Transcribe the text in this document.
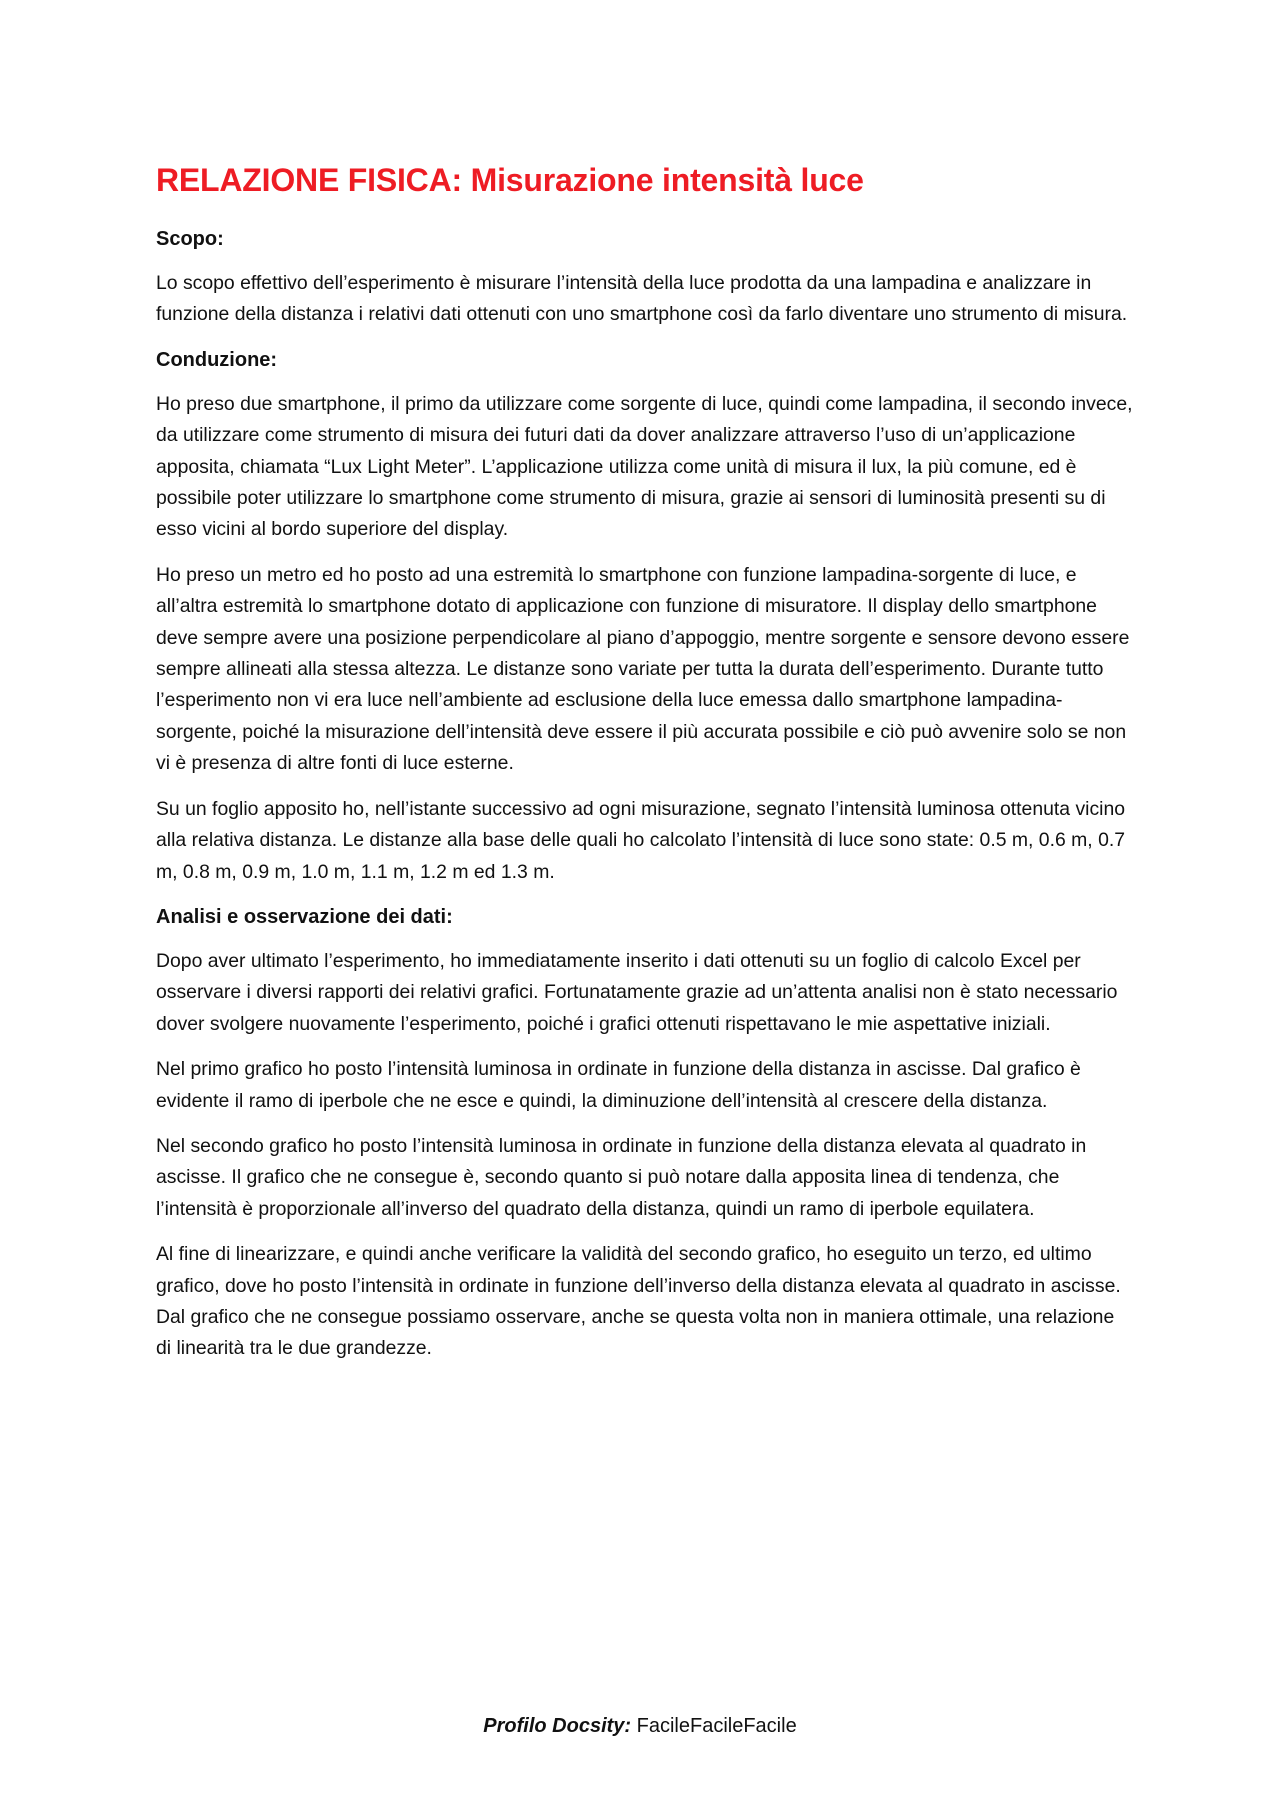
RELAZIONE FISICA: Misurazione intensità luce
Scopo:

Lo scopo effettivo dell’esperimento è misurare l’intensità della luce prodotta da una lampadina e analizzare in funzione della distanza i relativi dati ottenuti con uno smartphone così da farlo diventare uno strumento di misura.

Conduzione:

Ho preso due smartphone, il primo da utilizzare come sorgente di luce, quindi come lampadina, il secondo invece, da utilizzare come strumento di misura dei futuri dati da dover analizzare attraverso l’uso di un’applicazione apposita, chiamata “Lux Light Meter”. L’applicazione utilizza come unità di misura il lux, la più comune, ed è possibile poter utilizzare lo smartphone come strumento di misura, grazie ai sensori di luminosità presenti su di esso vicini al bordo superiore del display.

Ho preso un metro ed ho posto ad una estremità lo smartphone con funzione lampadina-sorgente di luce, e all’altra estremità lo smartphone dotato di applicazione con funzione di misuratore. Il display dello smartphone deve sempre avere una posizione perpendicolare al piano d’appoggio, mentre sorgente e sensore devono essere sempre allineati alla stessa altezza. Le distanze sono variate per tutta la durata dell’esperimento. Durante tutto l’esperimento non vi era luce nell’ambiente ad esclusione della luce emessa dallo smartphone lampadina-sorgente, poiché la misurazione dell’intensità deve essere il più accurata possibile e ciò può avvenire solo se non vi è presenza di altre fonti di luce esterne.

Su un foglio apposito ho, nell’istante successivo ad ogni misurazione, segnato l’intensità luminosa ottenuta vicino alla relativa distanza. Le distanze alla base delle quali ho calcolato l’intensità di luce sono state: 0.5 m, 0.6 m, 0.7 m, 0.8 m, 0.9 m, 1.0 m, 1.1 m, 1.2 m ed 1.3 m.

Analisi e osservazione dei dati:

Dopo aver ultimato l’esperimento, ho immediatamente inserito i dati ottenuti su un foglio di calcolo Excel per osservare i diversi rapporti dei relativi grafici. Fortunatamente grazie ad un’attenta analisi non è stato necessario dover svolgere nuovamente l’esperimento, poiché i grafici ottenuti rispettavano le mie aspettative iniziali.

Nel primo grafico ho posto l’intensità luminosa in ordinate in funzione della distanza in ascisse. Dal grafico è evidente il ramo di iperbole che ne esce e quindi, la diminuzione dell’intensità al crescere della distanza.

Nel secondo grafico ho posto l’intensità luminosa in ordinate in funzione della distanza elevata al quadrato in ascisse. Il grafico che ne consegue è, secondo quanto si può notare dalla apposita linea di tendenza, che l’intensità è proporzionale all’inverso del quadrato della distanza, quindi un ramo di iperbole equilatera.

Al fine di linearizzare, e quindi anche verificare la validità del secondo grafico, ho eseguito un terzo, ed ultimo grafico, dove ho posto l’intensità in ordinate in funzione dell’inverso della distanza elevata al quadrato in ascisse. Dal grafico che ne consegue possiamo osservare, anche se questa volta non in maniera ottimale, una relazione di linearità tra le due grandezze.

Profilo Docsity: FacileFacileFacile
